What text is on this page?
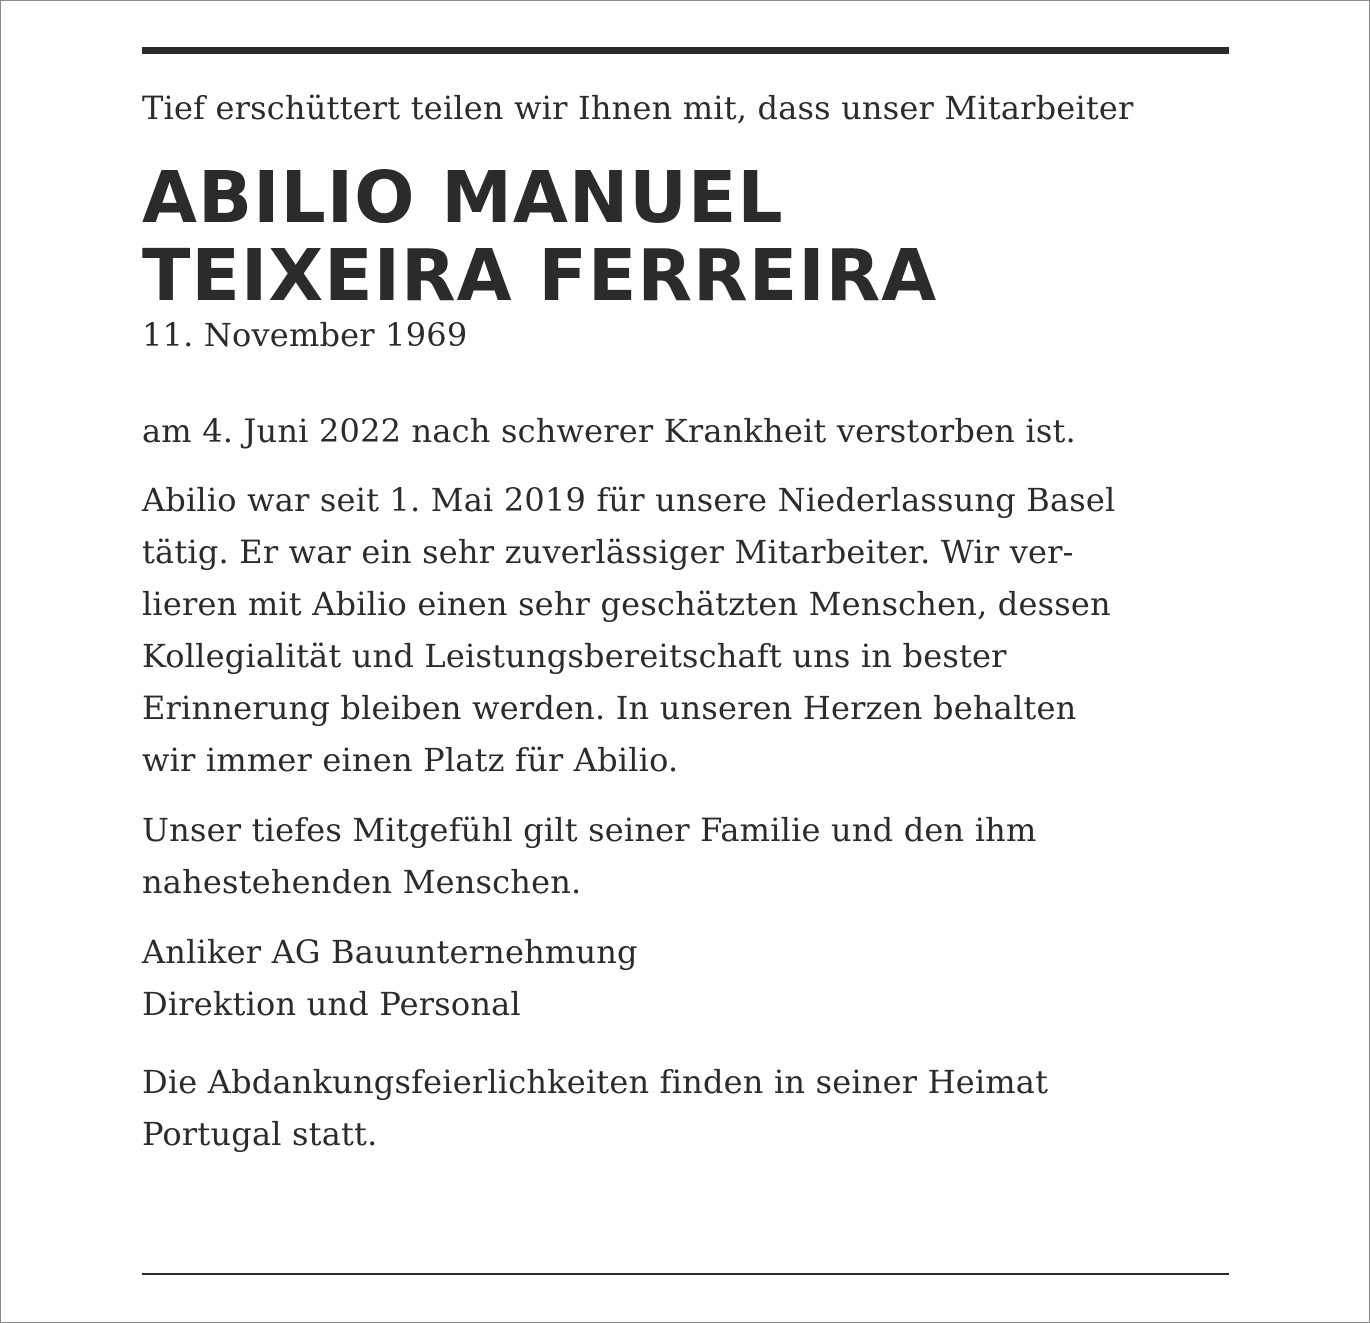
Tief erschüttert teilen wir Ihnen mit, dass unser Mitarbeiter
ABILIO MANUEL
TEIXEIRA FERREIRA
11. November 1969
am 4. Juni 2022 nach schwerer Krankheit verstorben ist.
Abilio war seit 1. Mai 2019 für unsere Niederlassung Basel
tätig. Er war ein sehr zuverlässiger Mitarbeiter. Wir ver-
lieren mit Abilio einen sehr geschätzten Menschen, dessen
Kollegialität und Leistungsbereitschaft uns in bester
Erinnerung bleiben werden. In unseren Herzen behalten
wir immer einen Platz für Abilio.
Unser tiefes Mitgefühl gilt seiner Familie und den ihm
nahestehenden Menschen.
Anliker AG Bauunternehmung
Direktion und Personal
Die Abdankungsfeierlichkeiten finden in seiner Heimat
Portugal statt.
